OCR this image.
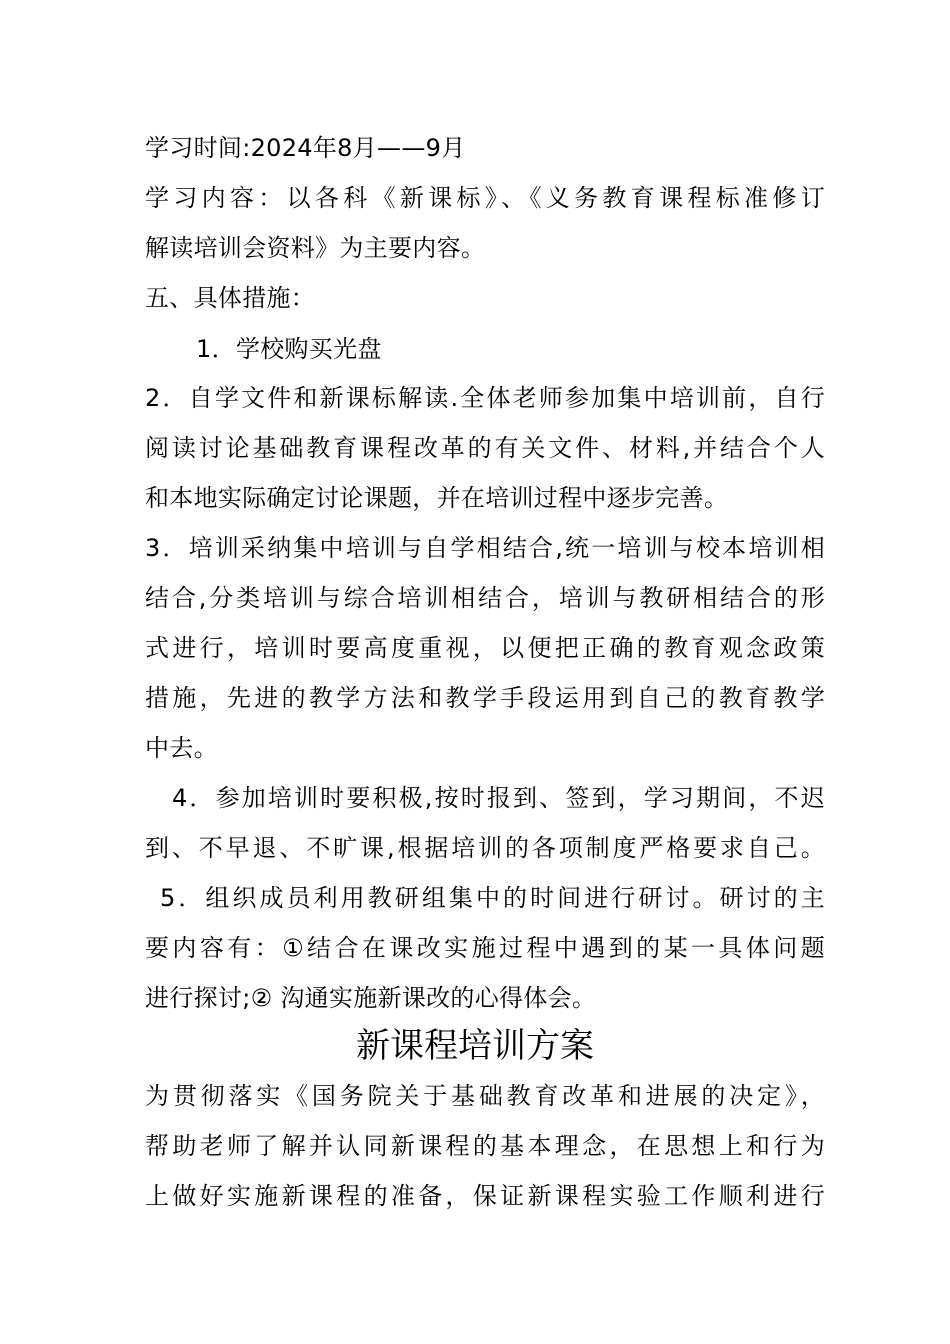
学习时间:2024年8月——9月
学习内容：以各科《新课标》、《义务教育课程标准修订
解读培训会资料》为主要内容。
五、具体措施：
1．学校购买光盘
2．自学文件和新课标解读.全体老师参加集中培训前，自行
阅读讨论基础教育课程改革的有关文件、材料,并结合个人
和本地实际确定讨论课题，并在培训过程中逐步完善。
3．培训采纳集中培训与自学相结合,统一培训与校本培训相
结合,分类培训与综合培训相结合，培训与教研相结合的形
式进行，培训时要高度重视，以便把正确的教育观念政策
措施，先进的教学方法和教学手段运用到自己的教育教学
中去。
4．参加培训时要积极,按时报到、签到，学习期间，不迟
到、不早退、不旷课,根据培训的各项制度严格要求自己。
5．组织成员利用教研组集中的时间进行研讨。研讨的主
要内容有：①结合在课改实施过程中遇到的某一具体问题
进行探讨;② 沟通实施新课改的心得体会。
新课程培训方案
为贯彻落实《国务院关于基础教育改革和进展的决定》，
帮助老师了解并认同新课程的基本理念，在思想上和行为
上做好实施新课程的准备，保证新课程实验工作顺利进行
